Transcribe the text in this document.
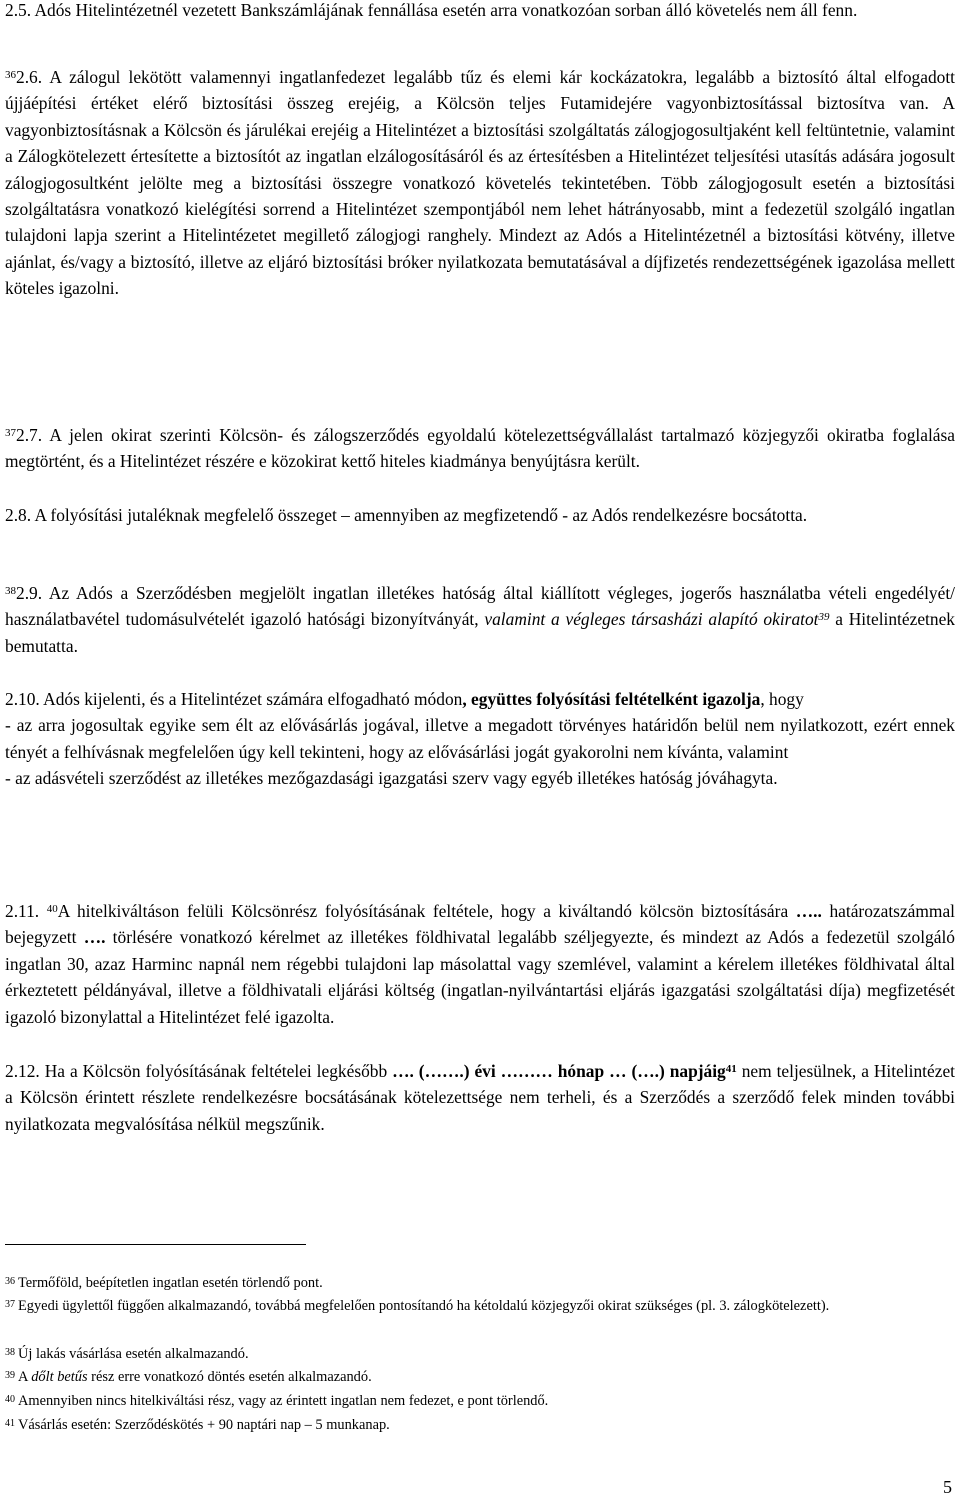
2.5. Adós Hitelintézetnél vezetett Bankszámlájának fennállása esetén arra vonatkozóan sorban álló követelés nem áll fenn.

$^{36}$2.6. A zálogul lekötött valamennyi ingatlanfedezet legalább tűz és elemi kár kockázatokra, legalább a biztosító által elfogadott újjáépítési értéket elérő biztosítási összeg erejéig, a Kölcsön teljes Futamidejére vagyonbiztosítással biztosítva van. A vagyonbiztosításnak a Kölcsön és járulékai erejéig a Hitelintézet a biztosítási szolgáltatás zálogjogosultjaként kell feltüntetnie, valamint a Zálogkötelezett értesítette a biztosítót az ingatlan elzálogosításáról és az értesítésben a Hitelintézet teljesítési utasítás adására jogosult zálogjogosultként jelölte meg a biztosítási összegre vonatkozó követelés tekintetében. Több zálogjogosult esetén a biztosítási szolgáltatásra vonatkozó kielégítési sorrend a Hitelintézet szempontjából nem lehet hátrányosabb, mint a fedezetül szolgáló ingatlan tulajdoni lapja szerint a Hitelintézetet megillető zálogjogi ranghely. Mindezt az Adós a Hitelintézetnél a biztosítási kötvény, illetve ajánlat, és/vagy a biztosító, illetve az eljáró biztosítási bróker nyilatkozata bemutatásával a díjfizetés rendezettségének igazolása mellett köteles igazolni.

$^{37}$2.7. A jelen okirat szerinti Kölcsön- és zálogszerződés egyoldalú kötelezettségvállalást tartalmazó közjegyzői okiratba foglalása megtörtént, és a Hitelintézet részére e közokirat kettő hiteles kiadmánya benyújtásra került.

2.8. A folyósítási jutaléknak megfelelő összeget – amennyiben az megfizetendő - az Adós rendelkezésre bocsátotta.

$^{38}$2.9. Az Adós a Szerződésben megjelölt ingatlan illetékes hatóság által kiállított végleges, jogerős használatba vételi engedélyét/ használatbavétel tudomásulvételét igazoló hatósági bizonyítványát, valamint a végleges társasházi alapító okiratot$^{39}$ a Hitelintézetnek bemutatta.

2.10. Adós kijelenti, és a Hitelintézet számára elfogadható módon, együttes folyósítási feltételként igazolja, hogy
- az arra jogosultak egyike sem élt az elővásárlás jogával, illetve a megadott törvényes határidőn belül nem nyilatkozott, ezért ennek tényét a felhívásnak megfelelően úgy kell tekinteni, hogy az elővásárlási jogát gyakorolni nem kívánta, valamint
- az adásvételi szerződést az illetékes mezőgazdasági igazgatási szerv vagy egyéb illetékes hatóság jóváhagyta.

2.11. $^{40}$A hitelkiváltáson felüli Kölcsönrész folyósításának feltétele, hogy a kiváltandó kölcsön biztosítására ….. határozatszámmal bejegyzett …. törlésére vonatkozó kérelmet az illetékes földhivatal legalább széljegyezte, és mindezt az Adós a fedezetül szolgáló ingatlan 30, azaz Harminc napnál nem régebbi tulajdoni lap másolattal vagy szemlével, valamint a kérelem illetékes földhivatal által érkeztetett példányával, illetve a földhivatali eljárási költség (ingatlan-nyilvántartási eljárás igazgatási szolgáltatási díja) megfizetését igazoló bizonylattal a Hitelintézet felé igazolta.

2.12. Ha a Kölcsön folyósításának feltételei legkésőbb …. (…….) évi ……… hónap … (….) napjáig$^{41}$ nem teljesülnek, a Hitelintézet a Kölcsön érintett részlete rendelkezésre bocsátásának kötelezettsége nem terheli, és a Szerződés a szerződő felek minden további nyilatkozata megvalósítása nélkül megszűnik.

$^{36}$ Termőföld, beépítetlen ingatlan esetén törlendő pont.

$^{37}$ Egyedi ügylettől függően alkalmazandó, továbbá megfelelően pontosítandó ha kétoldalú közjegyzői okirat szükséges (pl. 3. zálogkötelezett).

$^{38}$ Új lakás vásárlása esetén alkalmazandó.

$^{39}$ A dőlt betűs rész erre vonatkozó döntés esetén alkalmazandó.

$^{40}$ Amennyiben nincs hitelkiváltási rész, vagy az érintett ingatlan nem fedezet, e pont törlendő.

$^{41}$ Vásárlás esetén: Szerződéskötés + 90 naptári nap – 5 munkanap.

5
